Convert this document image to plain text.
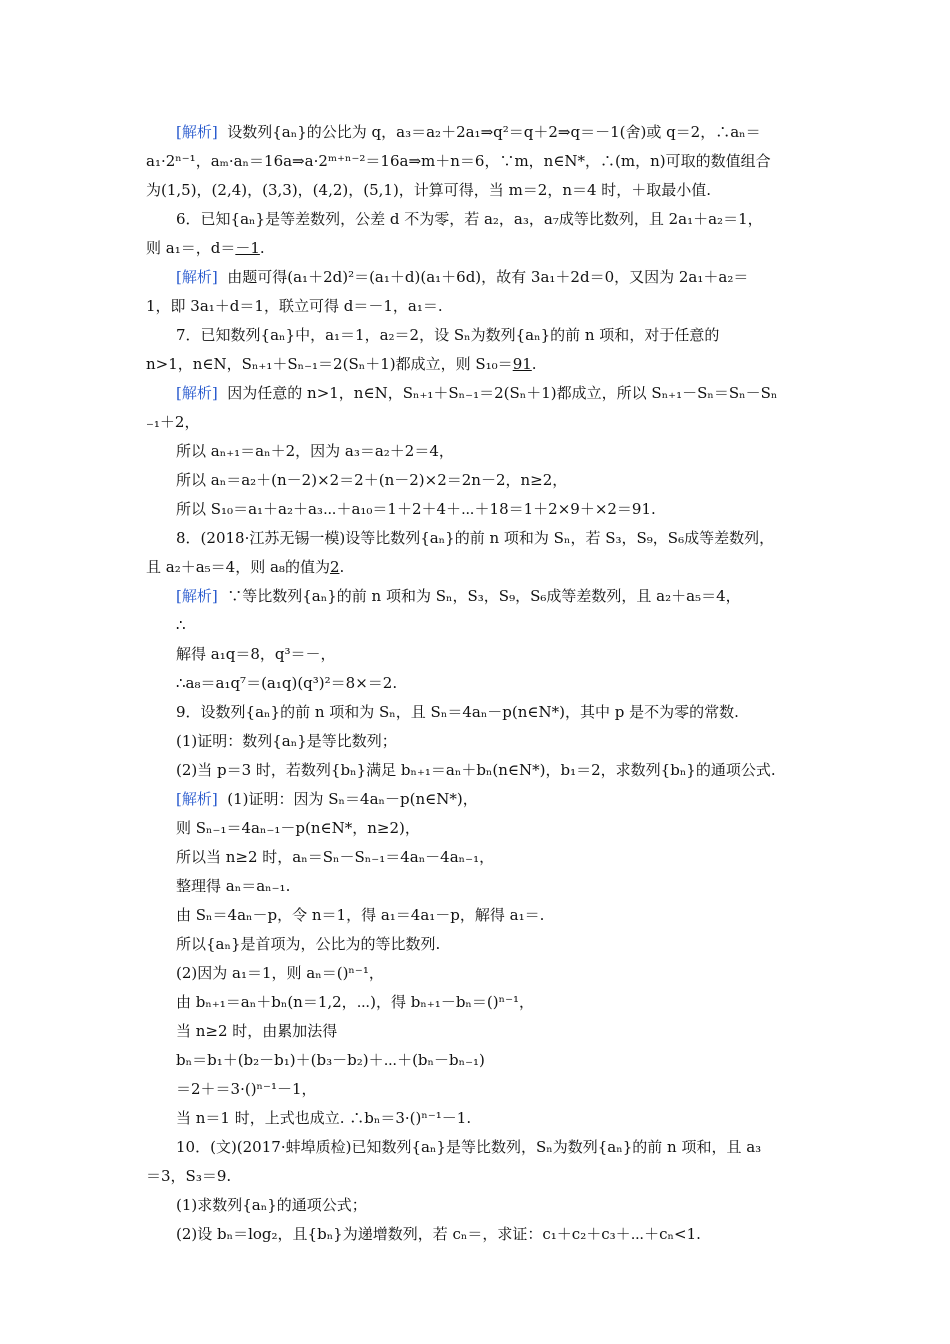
[解析] 设数列{aₙ}的公比为 q，a₃＝a₂＋2a₁⇒q²＝q＋2⇒q＝－1(舍)或 q＝2，∴aₙ＝
a₁·2ⁿ⁻¹，aₘ·aₙ＝16a⇒a·2ᵐ⁺ⁿ⁻²＝16a⇒m＋n＝6，∵m，n∈N*，∴(m，n)可取的数值组合
为(1,5)，(2,4)，(3,3)，(4,2)，(5,1)，计算可得，当 m＝2，n＝4 时，＋取最小值.
6．已知{aₙ}是等差数列，公差 d 不为零，若 a₂，a₃，a₇成等比数列，且 2a₁＋a₂＝1，
则 a₁＝，d＝－1.
[解析] 由题可得(a₁＋2d)²＝(a₁＋d)(a₁＋6d)，故有 3a₁＋2d＝0，又因为 2a₁＋a₂＝
1，即 3a₁＋d＝1，联立可得 d＝－1，a₁＝.
7．已知数列{aₙ}中，a₁＝1，a₂＝2，设 Sₙ为数列{aₙ}的前 n 项和，对于任意的
n>1，n∈N，Sₙ₊₁＋Sₙ₋₁＝2(Sₙ＋1)都成立，则 S₁₀＝91.
[解析] 因为任意的 n>1，n∈N，Sₙ₊₁＋Sₙ₋₁＝2(Sₙ＋1)都成立，所以 Sₙ₊₁－Sₙ＝Sₙ－Sₙ
₋₁＋2，
所以 aₙ₊₁＝aₙ＋2，因为 a₃＝a₂＋2＝4，
所以 aₙ＝a₂＋(n－2)×2＝2＋(n－2)×2＝2n－2，n≥2，
所以 S₁₀＝a₁＋a₂＋a₃⋯＋a₁₀＝1＋2＋4＋⋯＋18＝1＋2×9＋×2＝91.
8．(2018·江苏无锡一模)设等比数列{aₙ}的前 n 项和为 Sₙ，若 S₃，S₉，S₆成等差数列，
且 a₂＋a₅＝4，则 a₈的值为2.
[解析] ∵等比数列{aₙ}的前 n 项和为 Sₙ，S₃，S₉，S₆成等差数列，且 a₂＋a₅＝4，
∴
解得 a₁q＝8，q³＝－，
∴a₈＝a₁q⁷＝(a₁q)(q³)²＝8×＝2.
9．设数列{aₙ}的前 n 项和为 Sₙ，且 Sₙ＝4aₙ－p(n∈N*)，其中 p 是不为零的常数.
(1)证明：数列{aₙ}是等比数列；
(2)当 p＝3 时，若数列{bₙ}满足 bₙ₊₁＝aₙ＋bₙ(n∈N*)，b₁＝2，求数列{bₙ}的通项公式.
[解析] (1)证明：因为 Sₙ＝4aₙ－p(n∈N*)，
则 Sₙ₋₁＝4aₙ₋₁－p(n∈N*，n≥2)，
所以当 n≥2 时，aₙ＝Sₙ－Sₙ₋₁＝4aₙ－4aₙ₋₁，
整理得 aₙ＝aₙ₋₁.
由 Sₙ＝4aₙ－p，令 n＝1，得 a₁＝4a₁－p，解得 a₁＝.
所以{aₙ}是首项为，公比为的等比数列.
(2)因为 a₁＝1，则 aₙ＝()ⁿ⁻¹，
由 bₙ₊₁＝aₙ＋bₙ(n＝1,2，⋯)，得 bₙ₊₁－bₙ＝()ⁿ⁻¹，
当 n≥2 时，由累加法得
bₙ＝b₁＋(b₂－b₁)＋(b₃－b₂)＋⋯＋(bₙ－bₙ₋₁)
＝2＋＝3·()ⁿ⁻¹－1，
当 n＝1 时，上式也成立. ∴bₙ＝3·()ⁿ⁻¹－1.
10．(文)(2017·蚌埠质检)已知数列{aₙ}是等比数列，Sₙ为数列{aₙ}的前 n 项和，且 a₃
＝3，S₃＝9.
(1)求数列{aₙ}的通项公式；
(2)设 bₙ＝log₂，且{bₙ}为递增数列，若 cₙ＝，求证：c₁＋c₂＋c₃＋⋯＋cₙ<1.
